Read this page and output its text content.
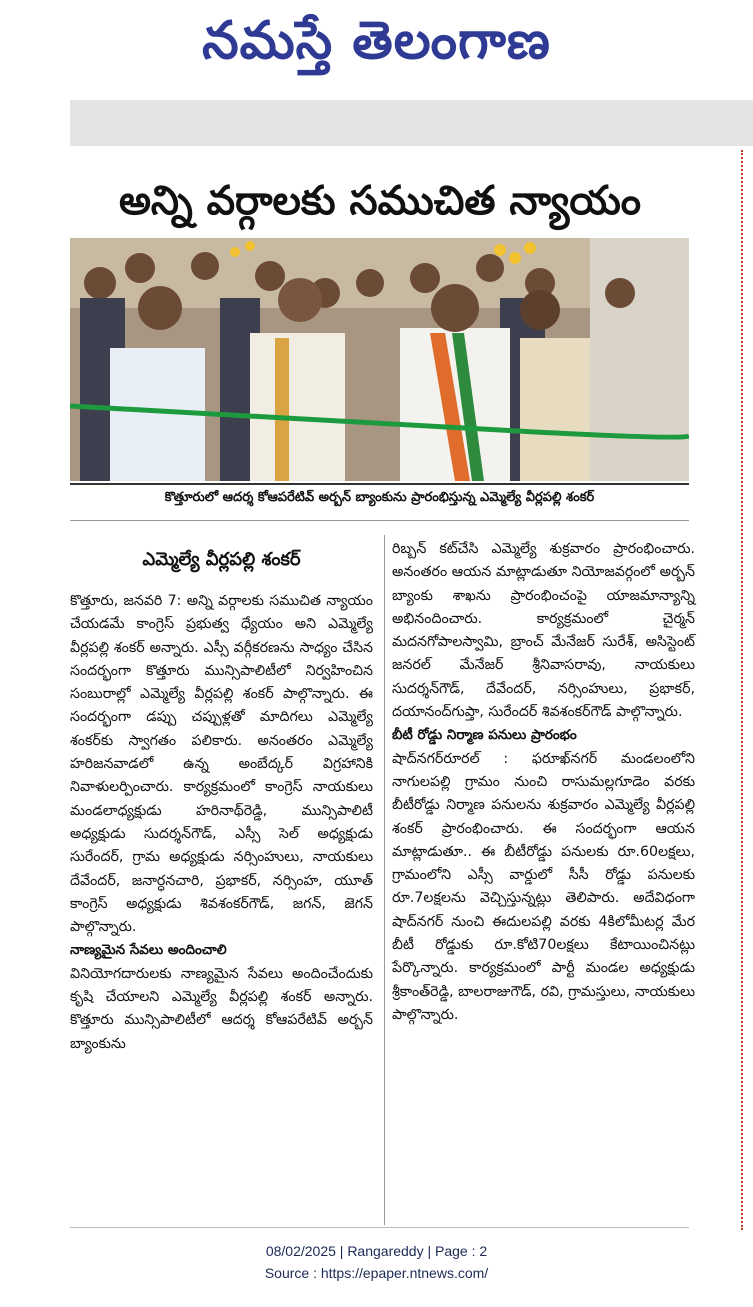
నమస్తే తెలంగాణ
అన్ని వర్గాలకు సముచిత న్యాయం
కొత్తూరులో ఆదర్శ కోఆపరేటివ్ అర్బన్ బ్యాంకును ప్రారంభిస్తున్న ఎమ్మెల్యే వీర్లపల్లి శంకర్
ఎమ్మెల్యే వీర్లపల్లి శంకర్

కొత్తూరు, జనవరి 7: అన్ని వర్గాలకు సముచిత న్యాయం చేయడమే కాంగ్రెస్ ప్రభుత్వ ధ్యేయం అని ఎమ్మెల్యే వీర్లపల్లి శంకర్ అన్నారు. ఎస్సీ వర్గీకరణను సాధ్యం చేసిన సందర్భంగా కొత్తూరు మున్సిపాలిటీలో నిర్వహించిన సంబురాల్లో ఎమ్మెల్యే వీర్లపల్లి శంకర్ పాల్గొన్నారు. ఈ సందర్భంగా డప్పు చప్పుళ్లతో మాదిగలు ఎమ్మెల్యే శంకర్‌కు స్వాగతం పలికారు. అనంతరం ఎమ్మెల్యే హరిజనవాడలో ఉన్న అంబేద్కర్ విగ్రహానికి నివాళులర్పించారు. కార్యక్రమంలో కాంగ్రెస్ నాయకులు మండలాధ్యక్షుడు హరినాథ్‌రెడ్డి, మున్సిపాలిటీ అధ్యక్షుడు సుదర్శన్‌గౌడ్, ఎస్సీ సెల్ అధ్యక్షుడు సురేందర్, గ్రామ అధ్యక్షుడు నర్సింహులు, నాయకులు దేవేందర్, జనార్ధనచారి, ప్రభాకర్, నర్సింహ, యూత్ కాంగ్రెస్ అధ్యక్షుడు శివశంకర్‌గౌడ్, జగన్, జెగన్ పాల్గొన్నారు.

నాణ్యమైన సేవలు అందించాలి

వినియోగదారులకు నాణ్యమైన సేవలు అందించేందుకు కృషి చేయాలని ఎమ్మెల్యే వీర్లపల్లి శంకర్ అన్నారు. కొత్తూరు మున్సిపాలిటీలో ఆదర్శ కోఆపరేటివ్ అర్బన్ బ్యాంకును

రిబ్బన్ కట్‌చేసి ఎమ్మెల్యే శుక్రవారం ప్రారంభించారు. అనంతరం ఆయన మాట్లాడుతూ నియోజవర్గంలో అర్బన్ బ్యాంకు శాఖను ప్రారంభించంపై యాజమాన్యాన్ని అభినందించారు. కార్యక్రమంలో చైర్మన్ మదనగోపాలస్వామి, బ్రాంచ్ మేనేజర్ సురేశ్, అసిస్టెంట్ జనరల్ మేనేజర్ శ్రీనివాసరావు, నాయకులు సుదర్శన్‌గౌడ్, దేవేందర్, నర్సింహులు, ప్రభాకర్, దయానంద్‌గుప్తా, సురేందర్ శివశంకర్‌గౌడ్ పాల్గొన్నారు.

బీటీ రోడ్డు నిర్మాణ పనులు ప్రారంభం

షాద్‌నగర్‌రూరల్ : ఫరూఖ్‌నగర్ మండలంలోని నాగులపల్లి గ్రామం నుంచి రాసుమల్లగూడెం వరకు బీటీరోడ్డు నిర్మాణ పనులను శుక్రవారం ఎమ్మెల్యే వీర్లపల్లి శంకర్ ప్రారంభించారు. ఈ సందర్భంగా ఆయన మాట్లాడుతూ.. ఈ బీటీరోడ్డు పనులకు రూ.60లక్షలు, గ్రామంలోని ఎస్సీ వార్డులో సీసీ రోడ్డు పనులకు రూ.7లక్షలను వెచ్చిస్తున్నట్లు తెలిపారు. అదేవిధంగా షాద్‌నగర్ నుంచి ఈదులపల్లి వరకు 4కిలోమీటర్ల మేర బీటీ రోడ్డుకు రూ.కోటి70లక్షలు కేటాయించినట్లు పేర్కొన్నారు. కార్యక్రమంలో పార్టీ మండల అధ్యక్షుడు శ్రీకాంత్‌రెడ్డి, బాలరాజుగౌడ్, రవి, గ్రామస్తులు, నాయకులు పాల్గొన్నారు.

08/02/2025 | Rangareddy | Page : 2
Source : https://epaper.ntnews.com/
